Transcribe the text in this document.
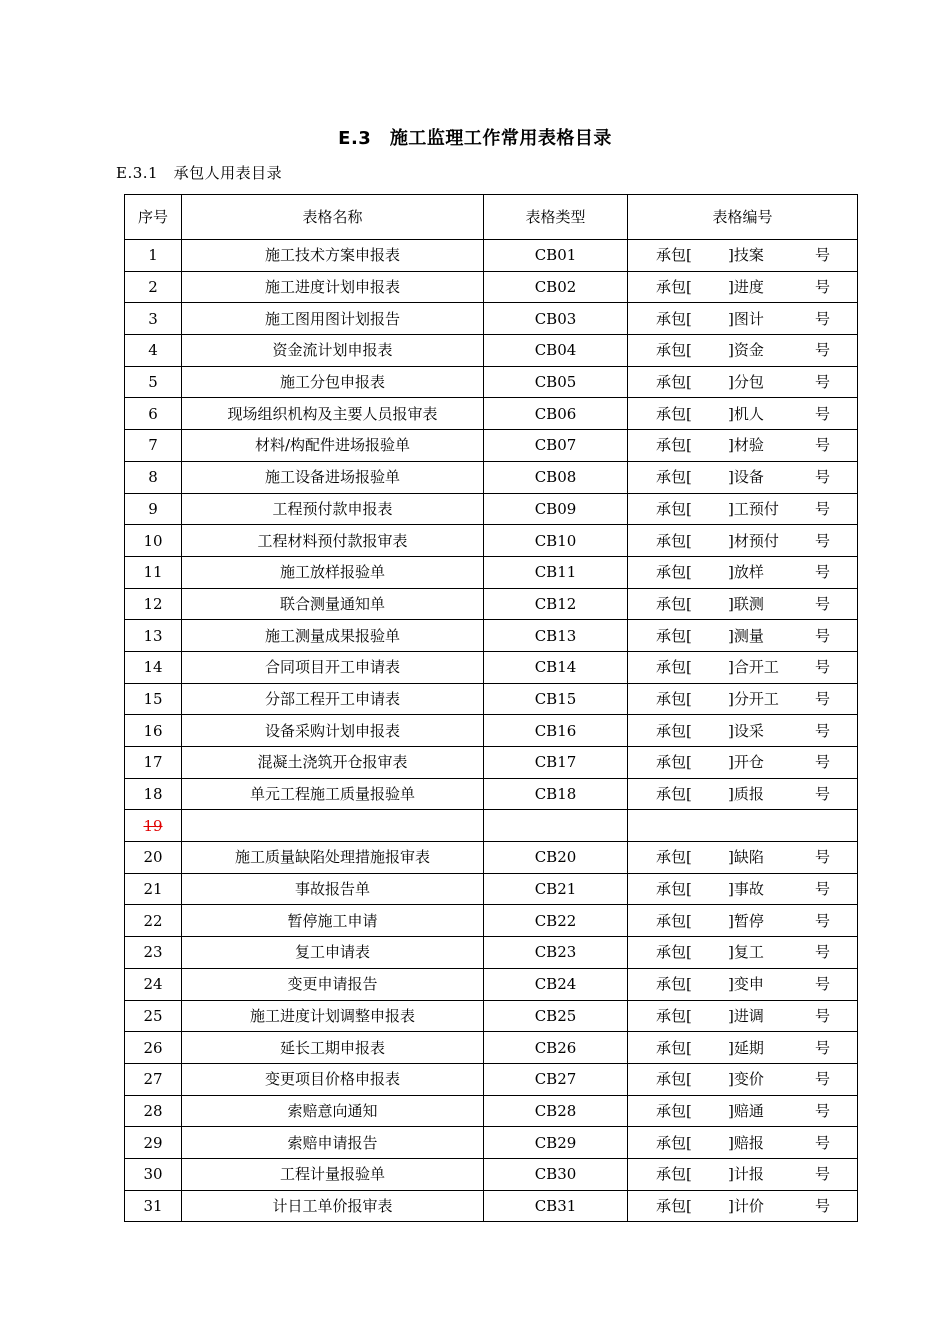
E.3　施工监理工作常用表格目录
E.3.1　承包人用表目录
序号	表格名称	表格类型	表格编号
1	施工技术方案申报表	CB01	承包[ ]技案 号

2	施工进度计划申报表	CB02	承包[ ]进度 号

3	施工图用图计划报告	CB03	承包[ ]图计 号

4	资金流计划申报表	CB04	承包[ ]资金 号

5	施工分包申报表	CB05	承包[ ]分包 号

6	现场组织机构及主要人员报审表	CB06	承包[ ]机人 号

7	材料/构配件进场报验单	CB07	承包[ ]材验 号

8	施工设备进场报验单	CB08	承包[ ]设备 号

9	工程预付款申报表	CB09	承包[ ]工预付 号

10	工程材料预付款报审表	CB10	承包[ ]材预付 号

11	施工放样报验单	CB11	承包[ ]放样 号

12	联合测量通知单	CB12	承包[ ]联测 号

13	施工测量成果报验单	CB13	承包[ ]测量 号

14	合同项目开工申请表	CB14	承包[ ]合开工 号

15	分部工程开工申请表	CB15	承包[ ]分开工 号

16	设备采购计划申报表	CB16	承包[ ]设采 号

17	混凝土浇筑开仓报审表	CB17	承包[ ]开仓 号

18	单元工程施工质量报验单	CB18	承包[ ]质报 号

19			

20	施工质量缺陷处理措施报审表	CB20	承包[ ]缺陷 号

21	事故报告单	CB21	承包[ ]事故 号

22	暂停施工申请	CB22	承包[ ]暂停 号

23	复工申请表	CB23	承包[ ]复工 号

24	变更申请报告	CB24	承包[ ]变申 号

25	施工进度计划调整申报表	CB25	承包[ ]进调 号

26	延长工期申报表	CB26	承包[ ]延期 号

27	变更项目价格申报表	CB27	承包[ ]变价 号

28	索赔意向通知	CB28	承包[ ]赔通 号

29	索赔申请报告	CB29	承包[ ]赔报 号

30	工程计量报验单	CB30	承包[ ]计报 号

31	计日工单价报审表	CB31	承包[ ]计价 号
